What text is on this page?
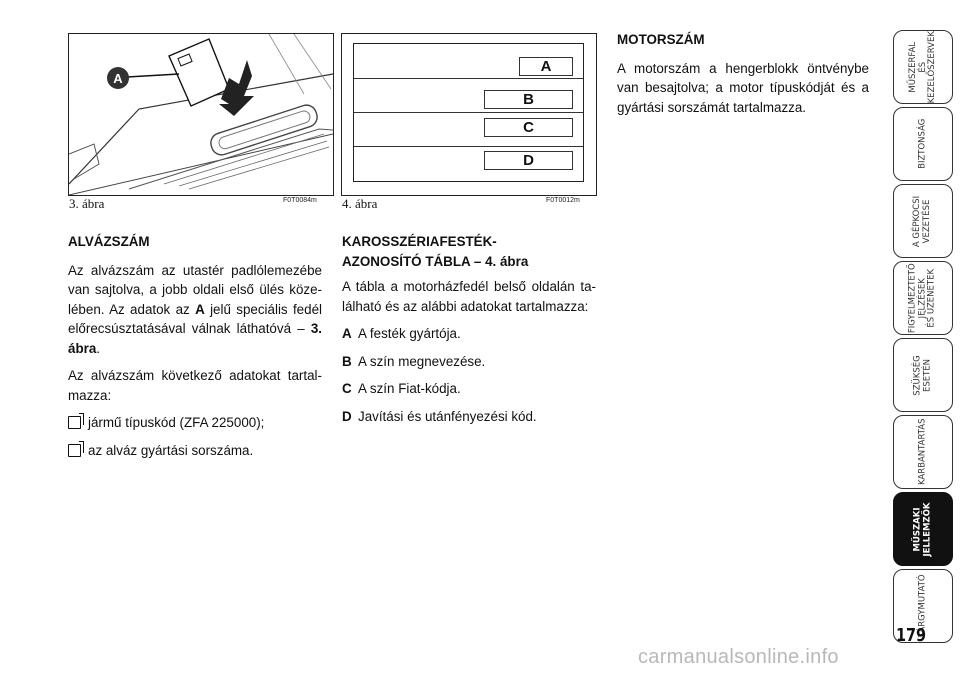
A
3. ábra	F0T0084m
A
B
C
D
4. ábra	F0T0012m
ALVÁZSZÁM

Az alvázszám az utastér padlólemezébe van sajtolva, a jobb oldali első ülés köze-lében. Az adatok az A jelű speciális fedél előrecsúsztatásával válnak láthatóvá – 3. ábra.

Az alvázszám következő adatokat tartal-mazza:

jármű típuskód (ZFA 225000);
az alváz gyártási sorszáma.
KAROSSZÉRIAFESTÉK-
AZONOSÍTÓ TÁBLA – 4. ábra

A tábla a motorházfedél belső oldalán ta-lálható és az alábbi adatokat tartalmazza:

A A festék gyártója.
B A szín megnevezése.
C A szín Fiat-kódja.
D Javítási és utánfényezési kód.
MOTORSZÁM

A motorszám a hengerblokk öntvénybe van besajtolva; a motor típuskódját és a gyártási sorszámát tartalmazza.

MŰSZERFAL
ÉS
KEZELŐSZERVEK
BIZTONSÁG
A GÉPKOCSI
VEZETÉSE
FIGYELMEZTETŐ
JELZÉSEK
ÉS ÜZENETEK
SZÜKSÉG
ESETÉN
KARBANTARTÁS
MŰSZAKI
JELLEMZŐK
TÁRGYMUTATÓ
179
carmanualsonline.info
